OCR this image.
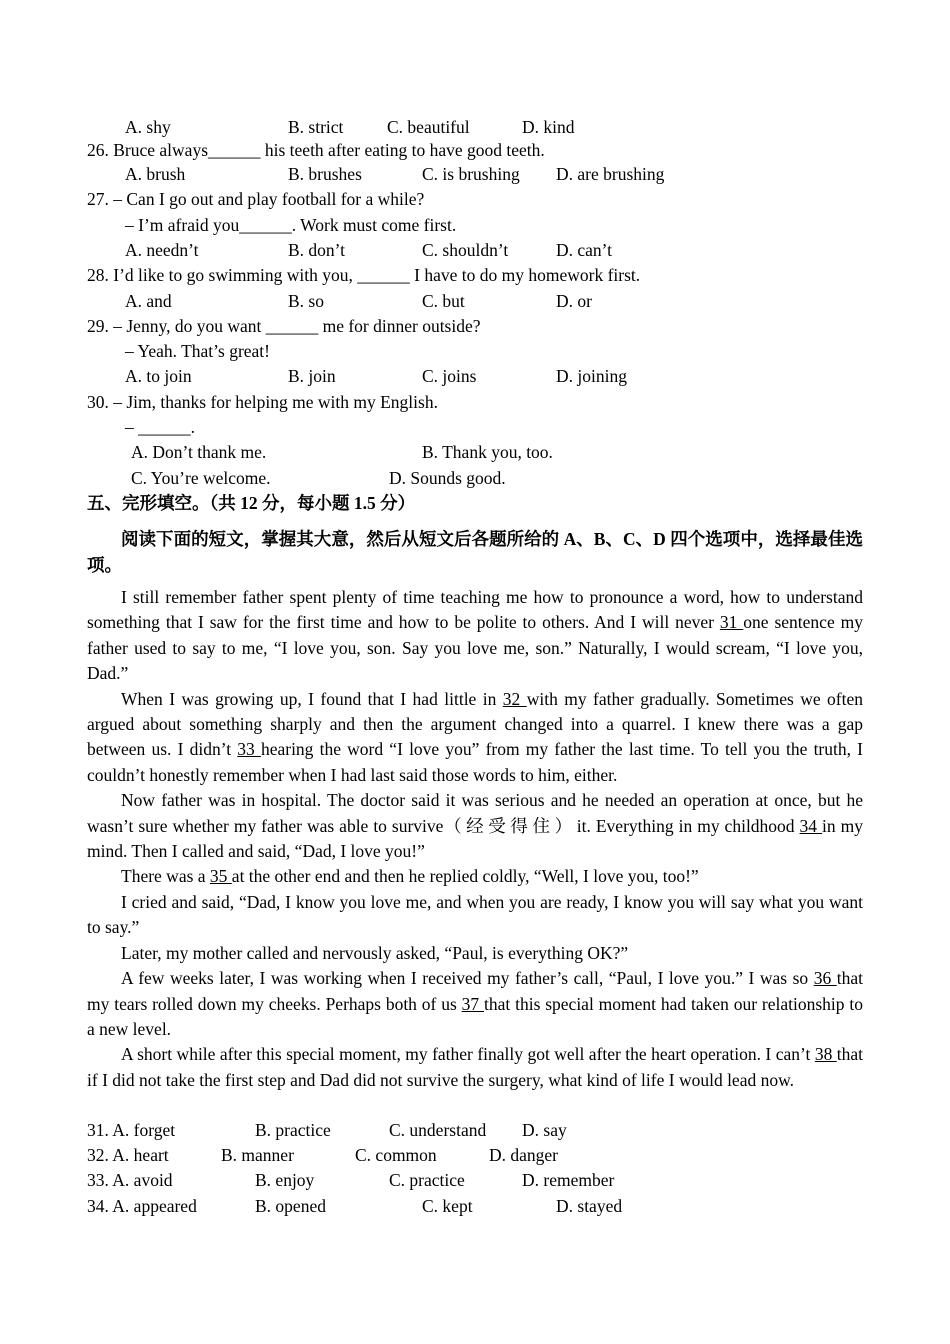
A. shy	B. strict C. beautiful	D. kind
26. Bruce always______ his teeth after eating to have good teeth.
A. brush	B. brushes	C. is brushing D. are brushing
27. – Can I go out and play football for a while?
– I’m afraid you______. Work must come first.
A. needn’t	B. don’t	C. shouldn’t	D. can’t
28. I’d like to go swimming with you, ______ I have to do my homework first.
A. and	B. so	C. but	D. or
29. – Jenny, do you want ______ me for dinner outside?
– Yeah. That’s great!
A. to join	B. join	C. joins	D. joining
30. – Jim, thanks for helping me with my English.
– ______.
A. Don’t thank me.	B. Thank you, too.
C. You’re welcome.	D. Sounds good.
五、完形填空。（共 12 分，每小题 1.5 分）
阅读下面的短文，掌握其大意，然后从短文后各题所给的 A、B、C、D 四个选项中，选择最佳选项。

I still remember father spent plenty of time teaching me how to pronounce a word, how to understand something that I saw for the first time and how to be polite to others. And I will never 31 one sentence my father used to say to me, “I love you, son. Say you love me, son.” Naturally, I would scream, “I love you, Dad.”

When I was growing up, I found that I had little in 32 with my father gradually. Sometimes we often argued about something sharply and then the argument changed into a quarrel. I knew there was a gap between us. I didn’t 33 hearing the word “I love you” from my father the last time. To tell you the truth, I couldn’t honestly remember when I had last said those words to him, either.

Now father was in hospital. The doctor said it was serious and he needed an operation at once, but he wasn’t sure whether my father was able to survive（经受得住）it. Everything in my childhood 34 in my mind. Then I called and said, “Dad, I love you!”

There was a 35 at the other end and then he replied coldly, “Well, I love you, too!”

I cried and said, “Dad, I know you love me, and when you are ready, I know you will say what you want to say.”

Later, my mother called and nervously asked, “Paul, is everything OK?”

A few weeks later, I was working when I received my father’s call, “Paul, I love you.” I was so 36 that my tears rolled down my cheeks. Perhaps both of us 37 that this special moment had taken our relationship to a new level.

A short while after this special moment, my father finally got well after the heart operation. I can’t 38 that if I did not take the first step and Dad did not survive the surgery, what kind of life I would lead now.

31. A. forget	B. practice	C. understand D. say
32. A. heart	B. manner	C. common	D. danger
33. A. avoid	B. enjoy	C. practice	D. remember
34. A. appeared	B. opened	C. kept	D. stayed
